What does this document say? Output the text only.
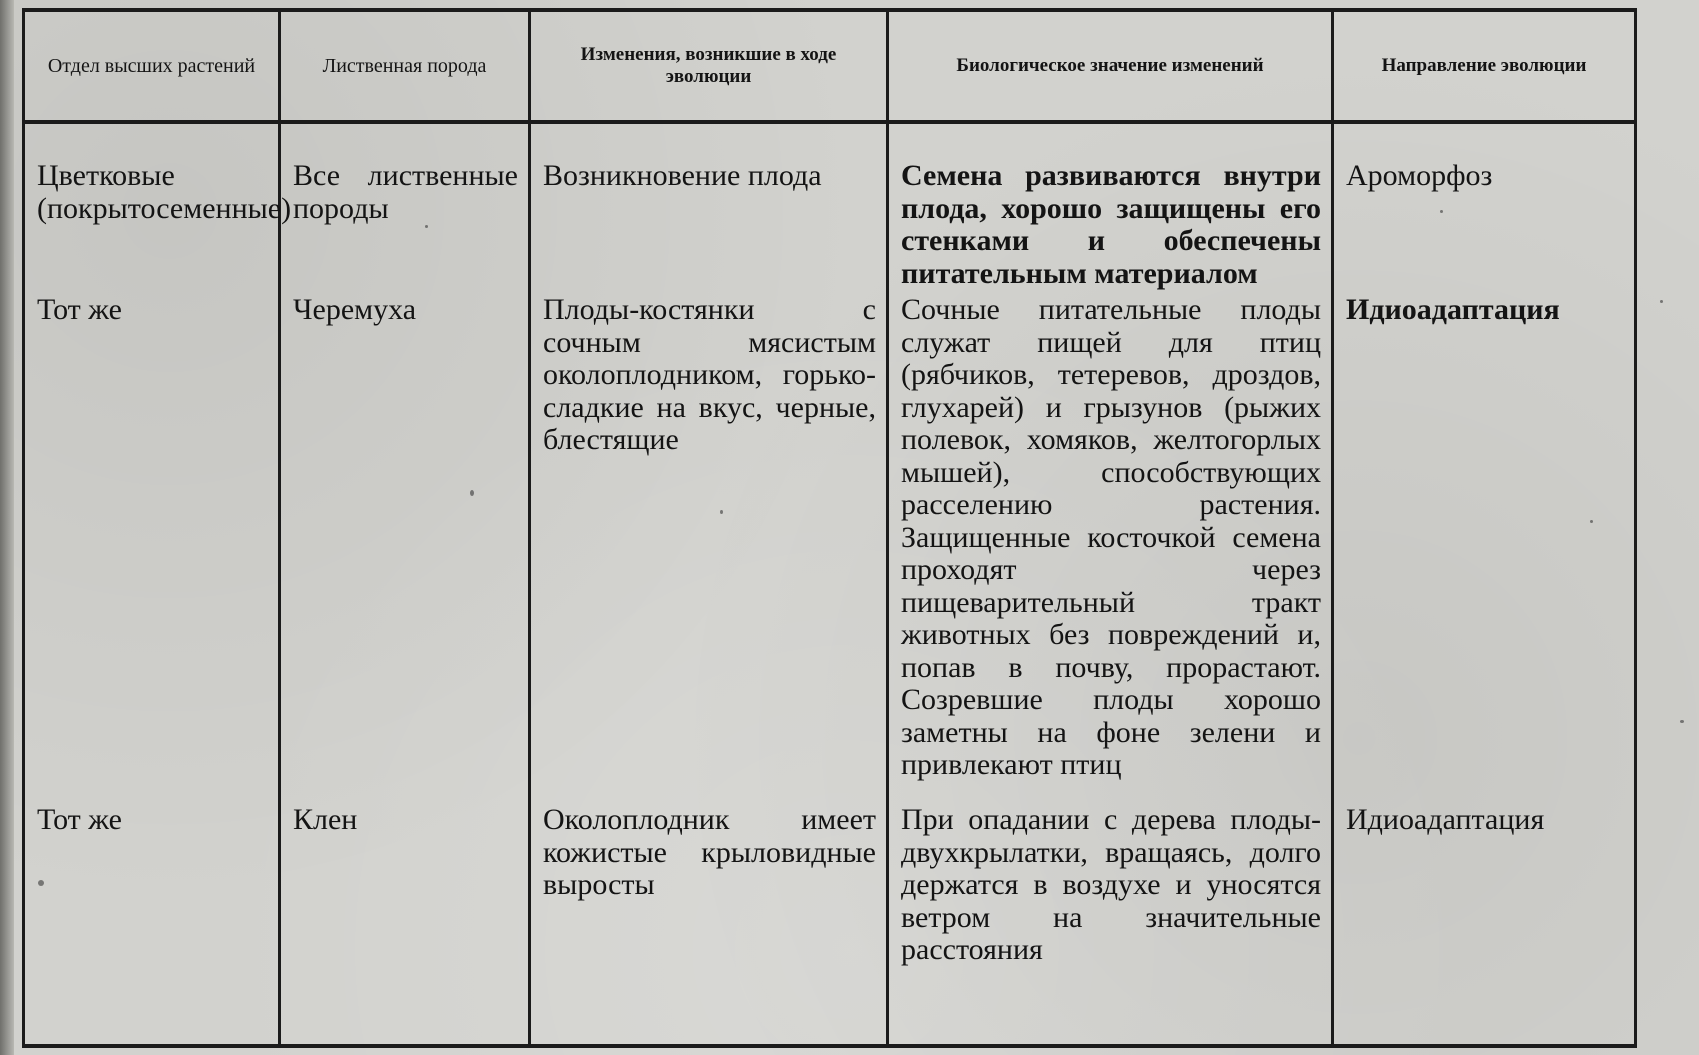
Отдел высших растений	Лиственная порода	Изменения, возникшие в ходе эволюции	Биологическое значение изменений	Направление эволюции
Цветковые (покрытосеменные)	Все лиственные породы	Возникновение плода	Семена развиваются внутри плода, хорошо защищены его стенками и обеспечены питательным материалом	Ароморфоз
Тот же	Черемуха	Плоды-костянки с сочным мясистым околоплодником, горько-сладкие на вкус, черные, блестящие	Сочные питательные плоды служат пищей для птиц (рябчиков, тетеревов, дроздов, глухарей) и грызунов (рыжих полевок, хомяков, желтогорлых мышей), способствующих расселению растения. Защищенные косточкой семена проходят через пищеварительный тракт животных без повреждений и, попав в почву, прорастают. Созревшие плоды хорошо заметны на фоне зелени и привлекают птиц	Идиоадаптация
Тот же	Клен	Околоплодник имеет кожистые крыловидные выросты	При опадании с дерева плоды-двухкрылатки, вращаясь, долго держатся в воздухе и уносятся ветром на значительные расстояния	Идиоадаптация
